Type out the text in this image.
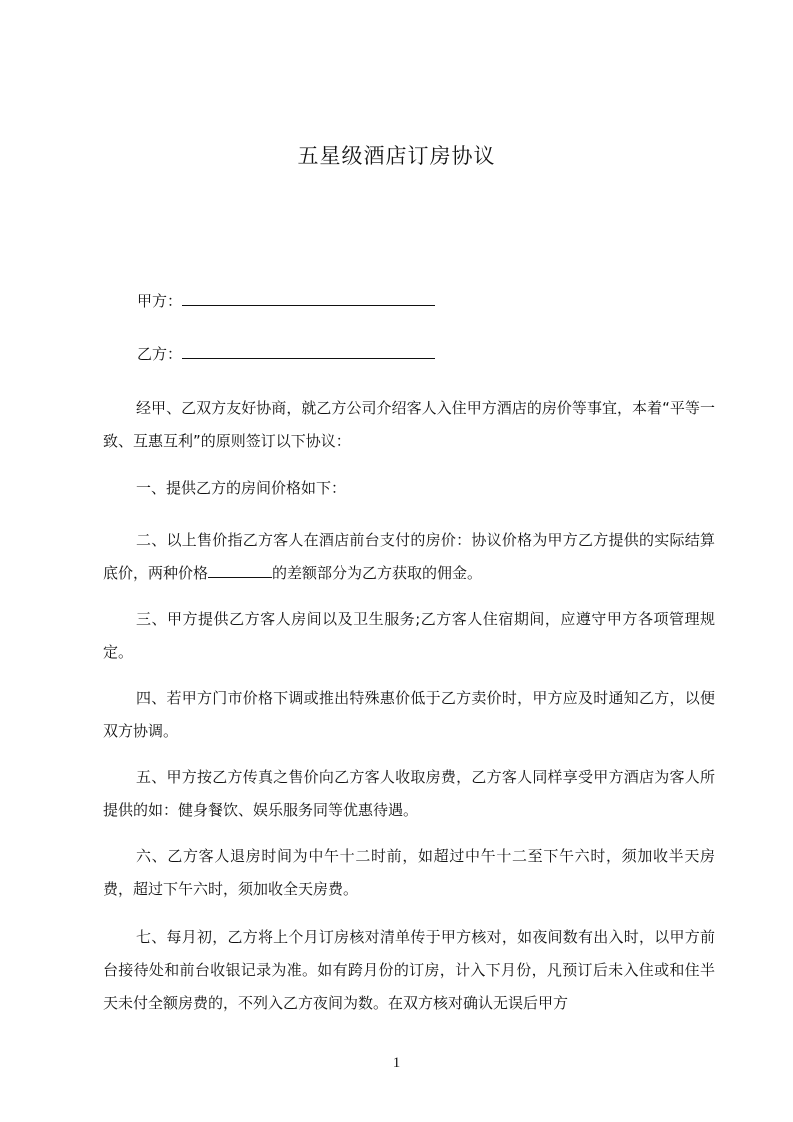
五星级酒店订房协议
甲方：
乙方：
经甲、乙双方友好协商，就乙方公司介绍客人入住甲方酒店的房价等事宜，本着“平等一致、互惠互利”的原则签订以下协议：
一、提供乙方的房间价格如下：
二、以上售价指乙方客人在酒店前台支付的房价：协议价格为甲方乙方提供的实际结算底价，两种价格	的差额部分为乙方获取的佣金。
三、甲方提供乙方客人房间以及卫生服务;乙方客人住宿期间，应遵守甲方各项管理规定。
四、若甲方门市价格下调或推出特殊惠价低于乙方卖价时，甲方应及时通知乙方，以便双方协调。
五、甲方按乙方传真之售价向乙方客人收取房费，乙方客人同样享受甲方酒店为客人所提供的如：健身餐饮、娱乐服务同等优惠待遇。
六、乙方客人退房时间为中午十二时前，如超过中午十二至下午六时，须加收半天房费，超过下午六时，须加收全天房费。
七、每月初，乙方将上个月订房核对清单传于甲方核对，如夜间数有出入时，以甲方前台接待处和前台收银记录为准。如有跨月份的订房，计入下月份，凡预订后未入住或和住半天未付全额房费的，不列入乙方夜间为数。在双方核对确认无误后甲方
1
